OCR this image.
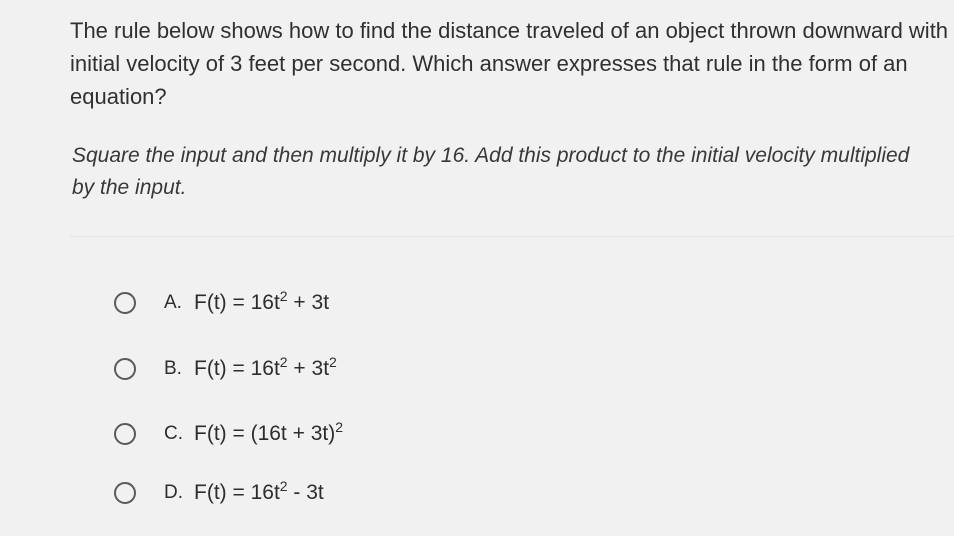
The rule below shows how to find the distance traveled of an object thrown downward with initial velocity of 3 feet per second. Which answer expresses that rule in the form of an equation?

Square the input and then multiply it by 16. Add this product to the initial velocity multiplied by the input.

A. $F(t) = 16t^2 + 3t$
B. $F(t) = 16t^2 + 3t^2$
C. $F(t) = (16t + 3t)^2$
D. $F(t) = 16t^2 - 3t$
